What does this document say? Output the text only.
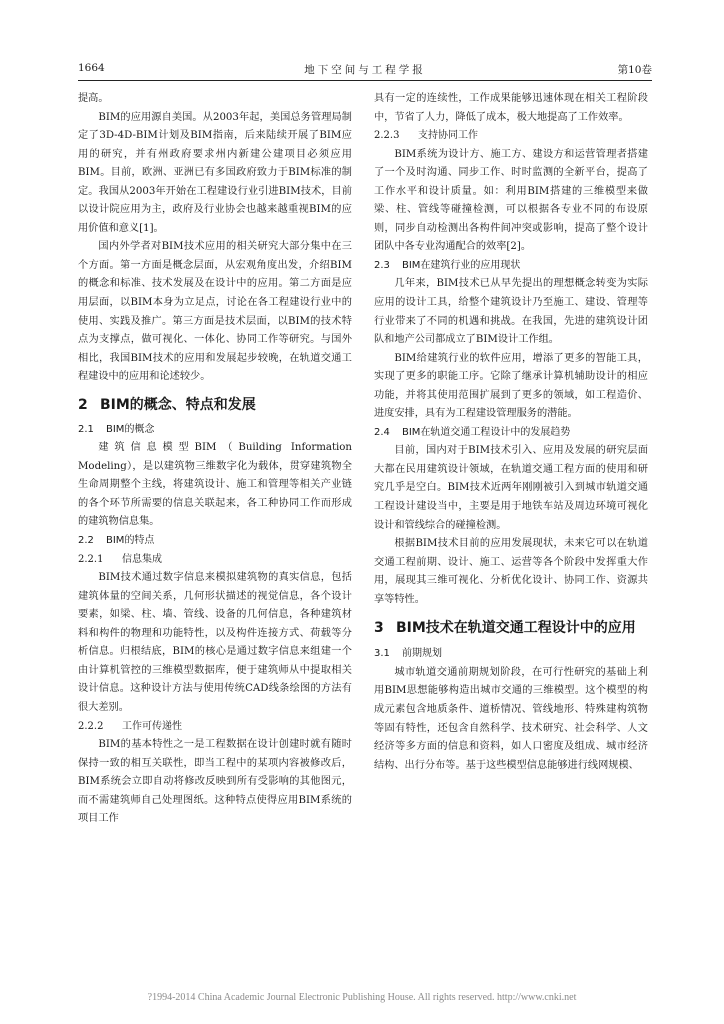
1664	地下空间与工程学报	第10卷

提高。

BIM的应用源自美国。从2003年起，美国总务管理局制定了3D-4D-BIM计划及BIM指南，后来陆续开展了BIM应用的研究，并有州政府要求州内新建公建项目必须应用BIM。目前，欧洲、亚洲已有多国政府致力于BIM标准的制定。我国从2003年开始在工程建设行业引进BIM技术，目前以设计院应用为主，政府及行业协会也越来越重视BIM的应用价值和意义[1]。

国内外学者对BIM技术应用的相关研究大部分集中在三个方面。第一方面是概念层面，从宏观角度出发，介绍BIM的概念和标准、技术发展及在设计中的应用。第二方面是应用层面，以BIM本身为立足点，讨论在各工程建设行业中的使用、实践及推广。第三方面是技术层面，以BIM的技术特点为支撑点，做可视化、一体化、协同工作等研究。与国外相比，我国BIM技术的应用和发展起步较晚，在轨道交通工程建设中的应用和论述较少。

2 BIM的概念、特点和发展
2.1 BIM的概念

建筑信息模型BIM（Building Information Modeling），是以建筑物三维数字化为载体，贯穿建筑物全生命周期整个主线，将建筑设计、施工和管理等相关产业链的各个环节所需要的信息关联起来，各工种协同工作而形成的建筑物信息集。

2.2 BIM的特点
2.2.1 信息集成

BIM技术通过数字信息来模拟建筑物的真实信息，包括建筑体量的空间关系，几何形状描述的视觉信息，各个设计要素，如梁、柱、墙、管线、设备的几何信息，各种建筑材料和构件的物理和功能特性，以及构件连接方式、荷载等分析信息。归根结底，BIM的核心是通过数字信息来组建一个由计算机管控的三维模型数据库，便于建筑师从中提取相关设计信息。这种设计方法与使用传统CAD线条绘图的方法有很大差别。

2.2.2 工作可传递性

BIM的基本特性之一是工程数据在设计创建时就有随时保持一致的相互关联性，即当工程中的某项内容被修改后，BIM系统会立即自动将修改反映到所有受影响的其他图元，而不需建筑师自己处理图纸。这种特点使得应用BIM系统的项目工作

具有一定的连续性，工作成果能够迅速体现在相关工程阶段中，节省了人力，降低了成本，极大地提高了工作效率。

2.2.3 支持协同工作

BIM系统为设计方、施工方、建设方和运营管理者搭建了一个及时沟通、同步工作、时时监测的全新平台，提高了工作水平和设计质量。如：利用BIM搭建的三维模型来做梁、柱、管线等碰撞检测，可以根据各专业不同的布设原则，同步自动检测出各构件间冲突或影响，提高了整个设计团队中各专业沟通配合的效率[2]。

2.3 BIM在建筑行业的应用现状

几年来，BIM技术已从早先提出的理想概念转变为实际应用的设计工具，给整个建筑设计乃至施工、建设、管理等行业带来了不同的机遇和挑战。在我国，先进的建筑设计团队和地产公司都成立了BIM设计工作组。

BIM给建筑行业的软件应用，增添了更多的智能工具，实现了更多的职能工序。它除了继承计算机辅助设计的相应功能，并将其使用范围扩展到了更多的领域，如工程造价、进度安排，具有为工程建设管理服务的潜能。

2.4 BIM在轨道交通工程设计中的发展趋势

目前，国内对于BIM技术引入、应用及发展的研究层面大都在民用建筑设计领域，在轨道交通工程方面的使用和研究几乎是空白。BIM技术近两年刚刚被引入到城市轨道交通工程设计建设当中，主要是用于地铁车站及周边环境可视化设计和管线综合的碰撞检测。

根据BIM技术目前的应用发展现状，未来它可以在轨道交通工程前期、设计、施工、运营等各个阶段中发挥重大作用，展现其三维可视化、分析优化设计、协同工作、资源共享等特性。

3 BIM技术在轨道交通工程设计中的应用
3.1 前期规划

城市轨道交通前期规划阶段，在可行性研究的基础上利用BIM思想能够构造出城市交通的三维模型。这个模型的构成元素包含地质条件、道桥情况、管线地形、特殊建构筑物等固有特性，还包含自然科学、技术研究、社会科学、人文经济等多方面的信息和资料，如人口密度及组成、城市经济结构、出行分布等。基于这些模型信息能够进行线网规模、

?1994-2014 China Academic Journal Electronic Publishing House. All rights reserved. http://www.cnki.net
